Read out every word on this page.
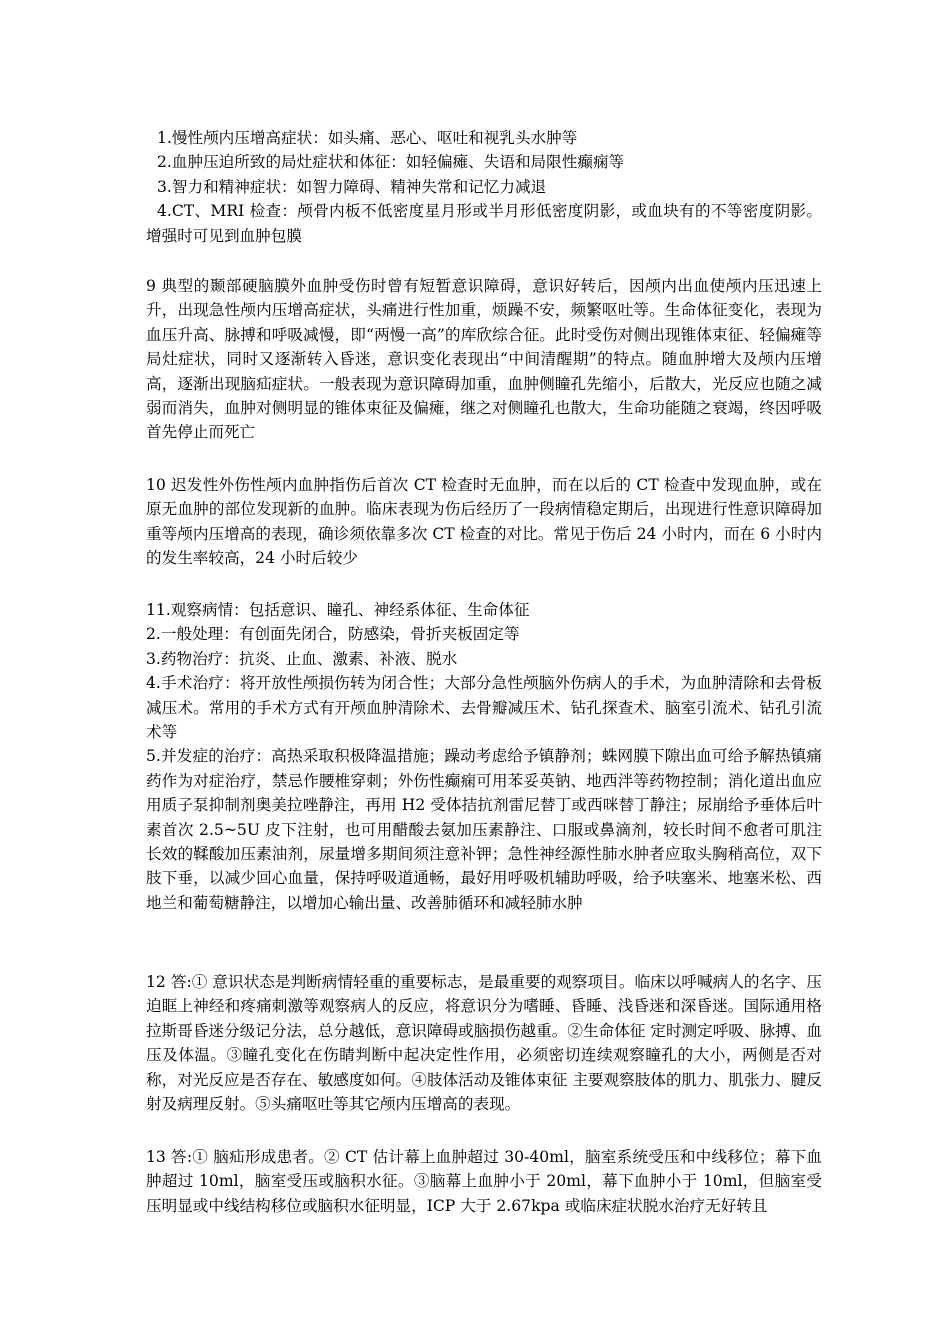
1.慢性颅内压增高症状：如头痛、恶心、呕吐和视乳头水肿等

2.血肿压迫所致的局灶症状和体征：如轻偏瘫、失语和局限性癫痫等

3.智力和精神症状：如智力障碍、精神失常和记忆力减退

4.CT、MRI 检查：颅骨内板不低密度星月形或半月形低密度阴影，或血块有的不等密度阴影。增强时可见到血肿包膜

9 典型的颞部硬脑膜外血肿受伤时曾有短暂意识障碍，意识好转后，因颅内出血使颅内压迅速上升，出现急性颅内压增高症状，头痛进行性加重，烦躁不安，频繁呕吐等。生命体征变化，表现为血压升高、脉搏和呼吸减慢，即“两慢一高”的库欣综合征。此时受伤对侧出现锥体束征、轻偏瘫等局灶症状，同时又逐渐转入昏迷，意识变化表现出“中间清醒期”的特点。随血肿增大及颅内压增高，逐渐出现脑疝症状。一般表现为意识障碍加重，血肿侧瞳孔先缩小，后散大，光反应也随之减弱而消失，血肿对侧明显的锥体束征及偏瘫，继之对侧瞳孔也散大，生命功能随之衰竭，终因呼吸首先停止而死亡

10 迟发性外伤性颅内血肿指伤后首次 CT 检查时无血肿，而在以后的 CT 检查中发现血肿，或在原无血肿的部位发现新的血肿。临床表现为伤后经历了一段病情稳定期后，出现进行性意识障碍加重等颅内压增高的表现，确诊须依靠多次 CT 检查的对比。常见于伤后 24 小时内，而在 6 小时内的发生率较高，24 小时后较少

11.观察病情：包括意识、瞳孔、神经系体征、生命体征

2.一般处理：有创面先闭合，防感染，骨折夹板固定等

3.药物治疗：抗炎、止血、激素、补液、脱水

4.手术治疗：将开放性颅损伤转为闭合性；大部分急性颅脑外伤病人的手术，为血肿清除和去骨板减压术。常用的手术方式有开颅血肿清除术、去骨瓣减压术、钻孔探查术、脑室引流术、钻孔引流术等

5.并发症的治疗：高热采取积极降温措施；躁动考虑给予镇静剂；蛛网膜下隙出血可给予解热镇痛药作为对症治疗，禁忌作腰椎穿刺；外伤性癫痫可用苯妥英钠、地西泮等药物控制；消化道出血应用质子泵抑制剂奥美拉唑静注，再用 H2 受体拮抗剂雷尼替丁或西咪替丁静注；尿崩给予垂体后叶素首次 2.5~5U 皮下注射，也可用醋酸去氨加压素静注、口服或鼻滴剂，较长时间不愈者可肌注长效的鞣酸加压素油剂，尿量增多期间须注意补钾；急性神经源性肺水肿者应取头胸稍高位，双下肢下垂，以减少回心血量，保持呼吸道通畅，最好用呼吸机辅助呼吸，给予呋塞米、地塞米松、西地兰和葡萄糖静注，以增加心输出量、改善肺循环和减轻肺水肿

12 答:① 意识状态是判断病情轻重的重要标志，是最重要的观察项目。临床以呼喊病人的名字、压迫眶上神经和疼痛刺激等观察病人的反应，将意识分为嗜睡、昏睡、浅昏迷和深昏迷。国际通用格拉斯哥昏迷分级记分法，总分越低，意识障碍或脑损伤越重。②生命体征 定时测定呼吸、脉搏、血压及体温。③瞳孔变化在伤睛判断中起决定性作用，必须密切连续观察瞳孔的大小，两侧是否对称，对光反应是否存在、敏感度如何。④肢体活动及锥体束征 主要观察肢体的肌力、肌张力、腱反射及病理反射。⑤头痛呕吐等其它颅内压增高的表现。

13 答:① 脑疝形成患者。② CT 估计幕上血肿超过 30-40ml，脑室系统受压和中线移位；幕下血肿超过 10ml，脑室受压或脑积水征。③脑幕上血肿小于 20ml，幕下血肿小于 10ml，但脑室受压明显或中线结构移位或脑积水征明显，ICP 大于 2.67kpa 或临床症状脱水治疗无好转且
